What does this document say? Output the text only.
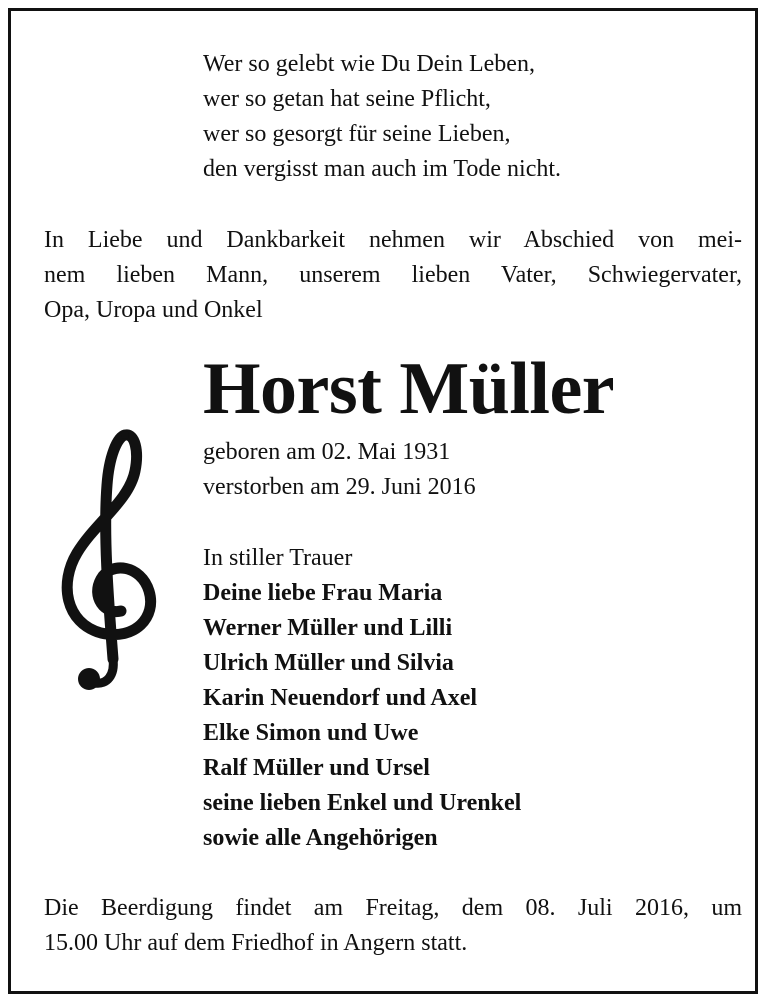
Wer so gelebt wie Du Dein Leben,
wer so getan hat seine Pflicht,
wer so gesorgt für seine Lieben,
den vergisst man auch im Tode nicht.
In Liebe und Dankbarkeit nehmen wir Abschied von mei-
nem lieben Mann, unserem lieben Vater, Schwiegervater,
Opa, Uropa und Onkel
Horst Müller
geboren am 02. Mai 1931
verstorben am 29. Juni 2016
In stiller Trauer
Deine liebe Frau Maria
Werner Müller und Lilli
Ulrich Müller und Silvia
Karin Neuendorf und Axel
Elke Simon und Uwe
Ralf Müller und Ursel
seine lieben Enkel und Urenkel
sowie alle Angehörigen
Die Beerdigung findet am Freitag, dem 08. Juli 2016, um
15.00 Uhr auf dem Friedhof in Angern statt.
